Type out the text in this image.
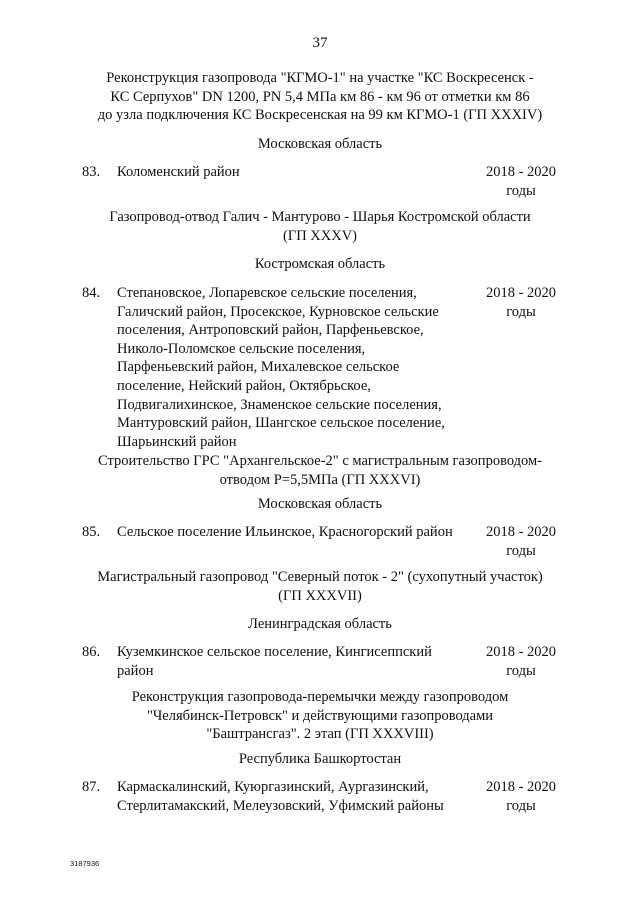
37
Реконструкция газопровода "КГМО-1" на участке "КС Воскресенск -
КС Серпухов" DN 1200, PN 5,4 МПа км 86 - км 96 от отметки км 86
до узла подключения КС Воскресенская на 99 км КГМО-1 (ГП XXXIV)
Московская область
83. Коломенский район	2018 - 2020
годы
Газопровод-отвод Галич - Мантурово - Шарья Костромской области
(ГП XXXV)
Костромская область
84. Степановское, Лопаревское сельские поселения,
Галичский район, Просекское, Курновское сельские
поселения, Антроповский район, Парфеньевское,
Николо-Поломское сельские поселения,
Парфеньевский район, Михалевское сельское
поселение, Нейский район, Октябрьское,
Подвигалихинское, Знаменское сельские поселения,
Мантуровский район, Шангское сельское поселение,
Шарьинский район
2018 - 2020
годы
Строительство ГРС "Архангельское-2" с магистральным газопроводом-
отводом Р=5,5МПа (ГП XXXVI)
Московская область
85. Сельское поселение Ильинское, Красногорский район	2018 - 2020
годы
Магистральный газопровод "Северный поток - 2" (сухопутный участок)
(ГП XXXVII)
Ленинградская область
86. Куземкинское сельское поселение, Кингисеппский
район
2018 - 2020
годы
Реконструкция газопровода-перемычки между газопроводом
"Челябинск-Петровск" и действующими газопроводами
"Баштрансгаз". 2 этап (ГП XXXVIII)
Республика Башкортостан
87. Кармаскалинский, Куюргазинский, Аургазинский,
Стерлитамакский, Мелеузовский, Уфимский районы
2018 - 2020
годы
3187936
